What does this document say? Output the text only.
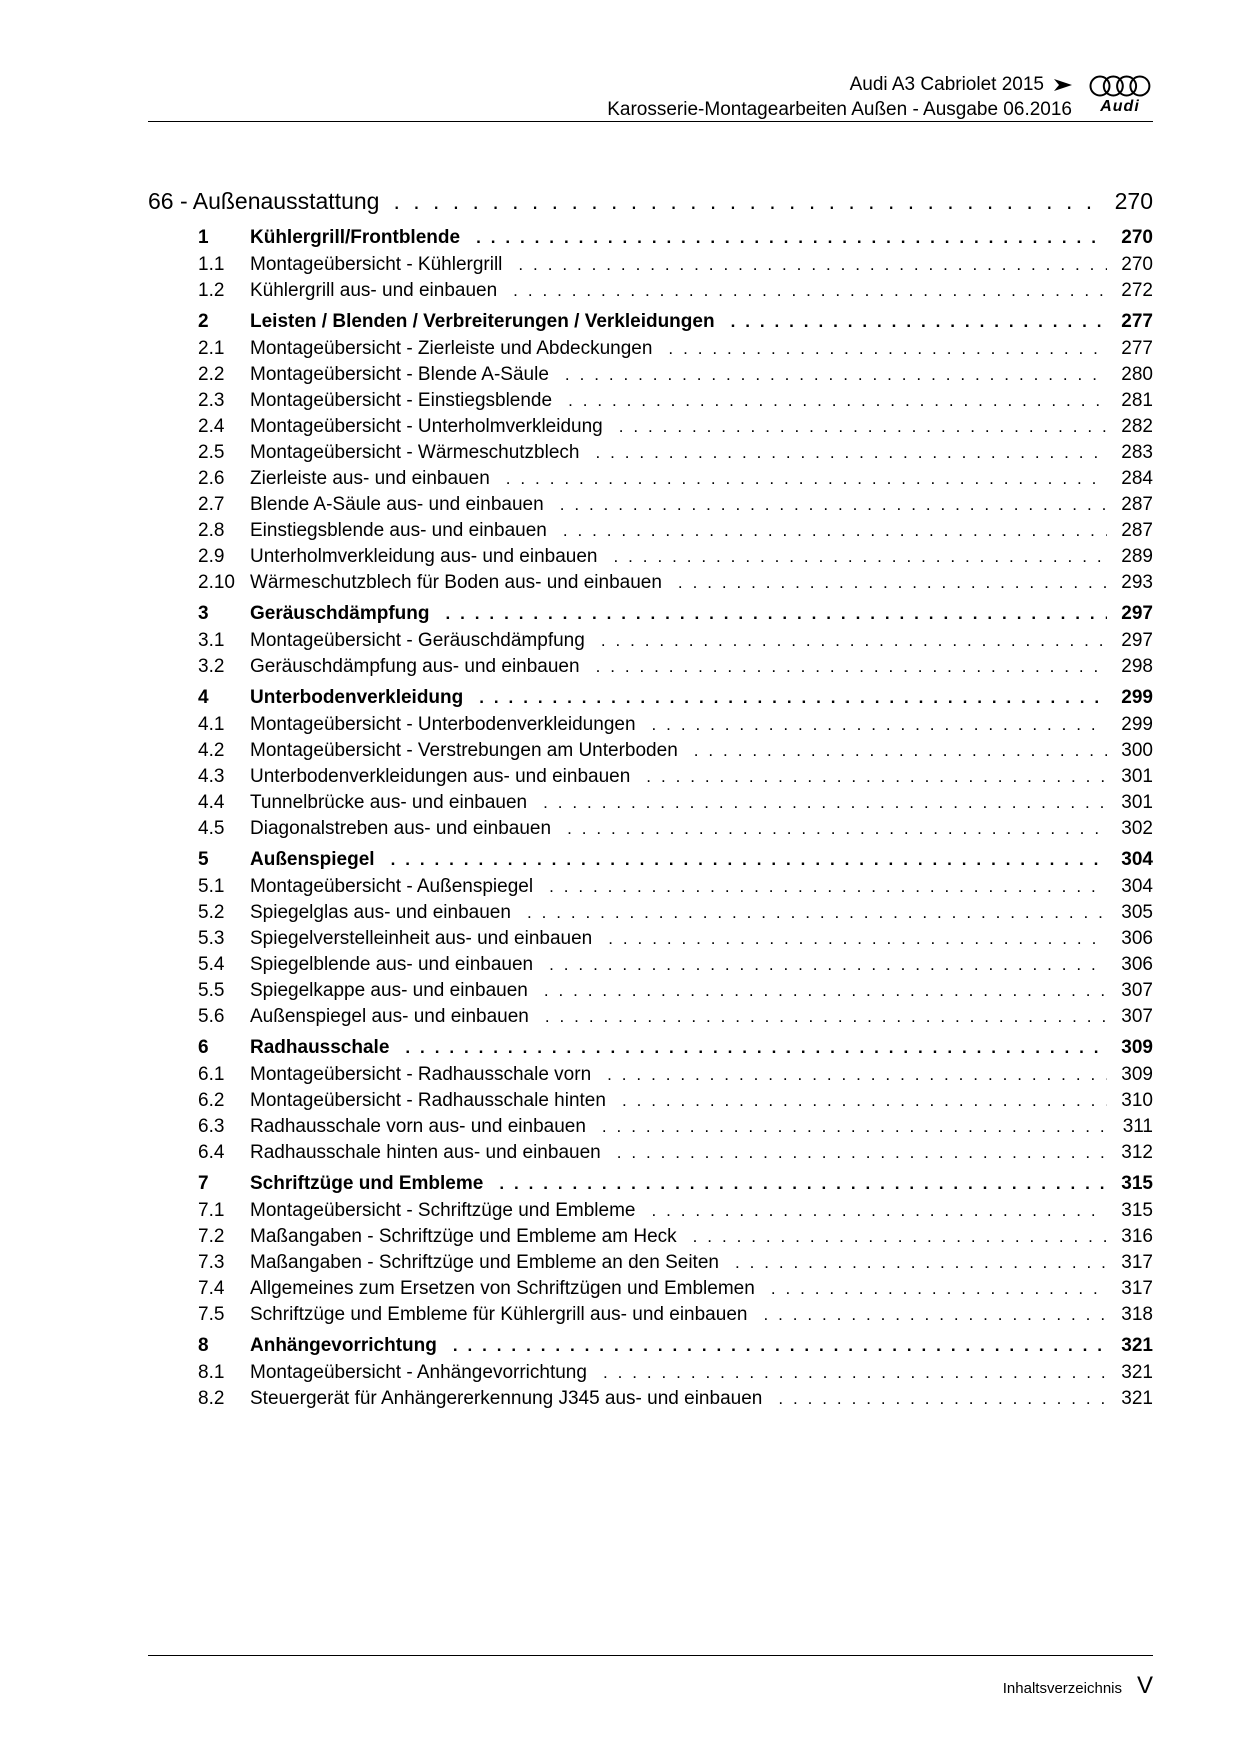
Audi A3 Cabriolet 2015
Karosserie-Montagearbeiten Außen - Ausgabe 06.2016	Audi
66 - Außenausstattung . . .	270
1	Kühlergrill/Frontblende . . .	270
1.1	Montageübersicht - Kühlergrill . . .	270
1.2	Kühlergrill aus- und einbauen . . .	272
2	Leisten / Blenden / Verbreiterungen / Verkleidungen . . .	277
2.1	Montageübersicht - Zierleiste und Abdeckungen . . .	277
2.2	Montageübersicht - Blende A-Säule . . .	280
2.3	Montageübersicht - Einstiegsblende . . .	281
2.4	Montageübersicht - Unterholmverkleidung . . .	282
2.5	Montageübersicht - Wärmeschutzblech . . .	283
2.6	Zierleiste aus- und einbauen . . .	284
2.7	Blende A-Säule aus- und einbauen . . .	287
2.8	Einstiegsblende aus- und einbauen . . .	287
2.9	Unterholmverkleidung aus- und einbauen . . .	289
2.10 Wärmeschutzblech für Boden aus- und einbauen . . .	293
3	Geräuschdämpfung . . .	297
3.1	Montageübersicht - Geräuschdämpfung . . .	297
3.2	Geräuschdämpfung aus- und einbauen . . .	298
4	Unterbodenverkleidung . . .	299
4.1	Montageübersicht - Unterbodenverkleidungen . . .	299
4.2	Montageübersicht - Verstrebungen am Unterboden . . .	300
4.3	Unterbodenverkleidungen aus- und einbauen . . .	301
4.4	Tunnelbrücke aus- und einbauen . . .	301
4.5	Diagonalstreben aus- und einbauen . . .	302
5	Außenspiegel . . .	304
5.1	Montageübersicht - Außenspiegel . . .	304
5.2	Spiegelglas aus- und einbauen . . .	305
5.3	Spiegelverstelleinheit aus- und einbauen . . .	306
5.4	Spiegelblende aus- und einbauen . . .	306
5.5	Spiegelkappe aus- und einbauen . . .	307
5.6	Außenspiegel aus- und einbauen . . .	307
6	Radhausschale . . .	309
6.1	Montageübersicht - Radhausschale vorn . . .	309
6.2	Montageübersicht - Radhausschale hinten . . .	310
6.3	Radhausschale vorn aus- und einbauen . . .	311
6.4	Radhausschale hinten aus- und einbauen . . .	312
7	Schriftzüge und Embleme . . .	315
7.1	Montageübersicht - Schriftzüge und Embleme . . .	315
7.2	Maßangaben - Schriftzüge und Embleme am Heck . . .	316
7.3	Maßangaben - Schriftzüge und Embleme an den Seiten . . .	317
7.4	Allgemeines zum Ersetzen von Schriftzügen und Emblemen . . .	317
7.5	Schriftzüge und Embleme für Kühlergrill aus- und einbauen . . .	318
8	Anhängevorrichtung . . .	321
8.1	Montageübersicht - Anhängevorrichtung . . .	321
8.2	Steuergerät für Anhängererkennung J345 aus- und einbauen . . .	321
Inhaltsverzeichnis V
